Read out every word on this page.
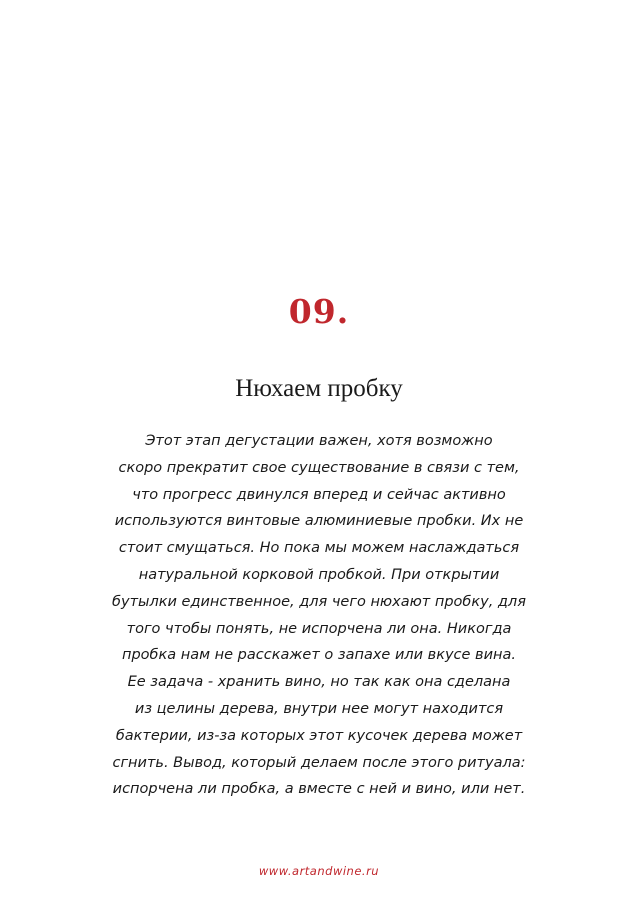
09.
Нюхаем пробку
Этот этап дегустации важен, хотя возможно
скоро прекратит свое существование в связи с тем,
что прогресс двинулся вперед и сейчас активно
используются винтовые алюминиевые пробки. Их не
стоит смущаться. Но пока мы можем наслаждаться
натуральной корковой пробкой. При открытии
бутылки единственное, для чего нюхают пробку, для
того чтобы понять, не испорчена ли она. Никогда
пробка нам не расскажет о запахе или вкусе вина.
Ее задача - хранить вино, но так как она сделана
из целины дерева, внутри нее могут находится
бактерии, из-за которых этот кусочек дерева может
сгнить. Вывод, который делаем после этого ритуала:
испорчена ли пробка, а вместе с ней и вино, или нет.
www.artandwine.ru
